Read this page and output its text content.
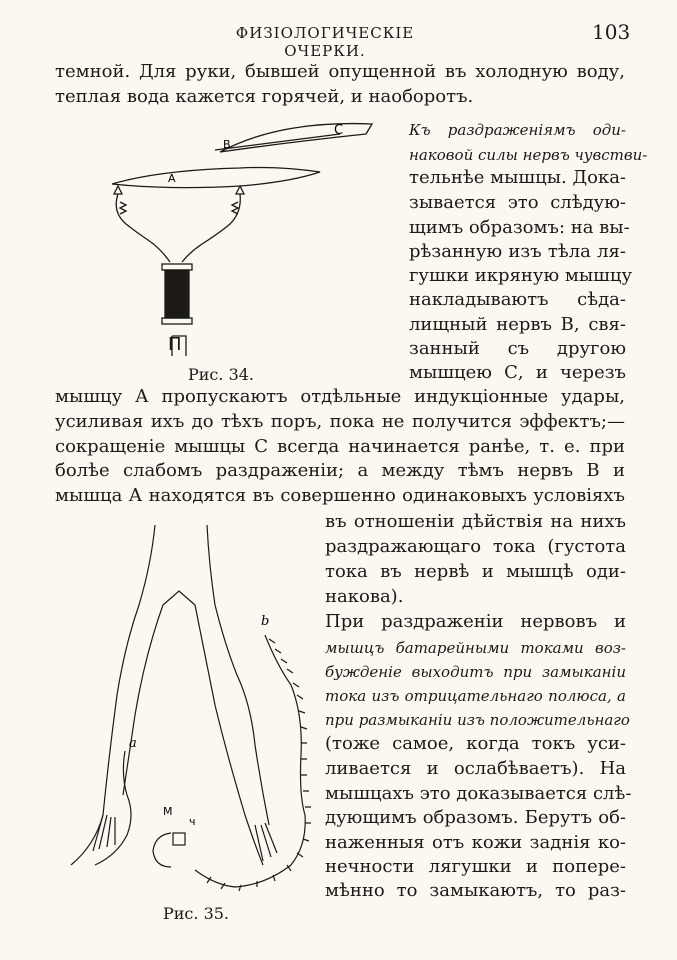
ФИЗIОЛОГИЧЕСКIЕ ОЧЕРКИ.
103
темной. Для руки, бывшей опущенной въ холодную воду,
теплая вода кажется горячей, и наоборотъ.
С
В
А
Рис. 34.
Къ раздраженiямъ оди-
наковой силы нервъ чувстви-
тельнѣе мышцы. Дока-
зывается это слѣдую-
щимъ образомъ: на вы-
рѣзанную изъ тѣла ля-
гушки икряную мышцу
накладываютъ сѣда-
лищный нервъ В, свя-
занный съ другою
мышцею С, и черезъ
мышцу А пропускаютъ отдѣльные индукцiонные удары,
усиливая ихъ до тѣхъ поръ, пока не получится эффектъ;—
сокращенiе мышцы С всегда начинается ранѣе, т. е. при
болѣе слабомъ раздраженiи; а между тѣмъ нервъ В и
мышца А находятся въ совершенно одинаковыхъ условiяхъ
b
a
М
ч
Рис. 35.
въ отношенiи дѣйствiя на нихъ
раздражающаго тока (густота
тока въ нервѣ и мышцѣ оди-
накова).
При раздраженiи нервовъ и
мышцъ батарейными токами воз-
бужденiе выходитъ при замыканiи
тока изъ отрицательнаго полюса, а
при размыканiи изъ положительнаго
(тоже самое, когда токъ уси-
ливается и ослабѣваетъ). На
мышцахъ это доказывается слѣ-
дующимъ образомъ. Берутъ об-
наженныя отъ кожи заднiя ко-
нечности лягушки и попере-
мѣнно то замыкаютъ, то раз-
П
